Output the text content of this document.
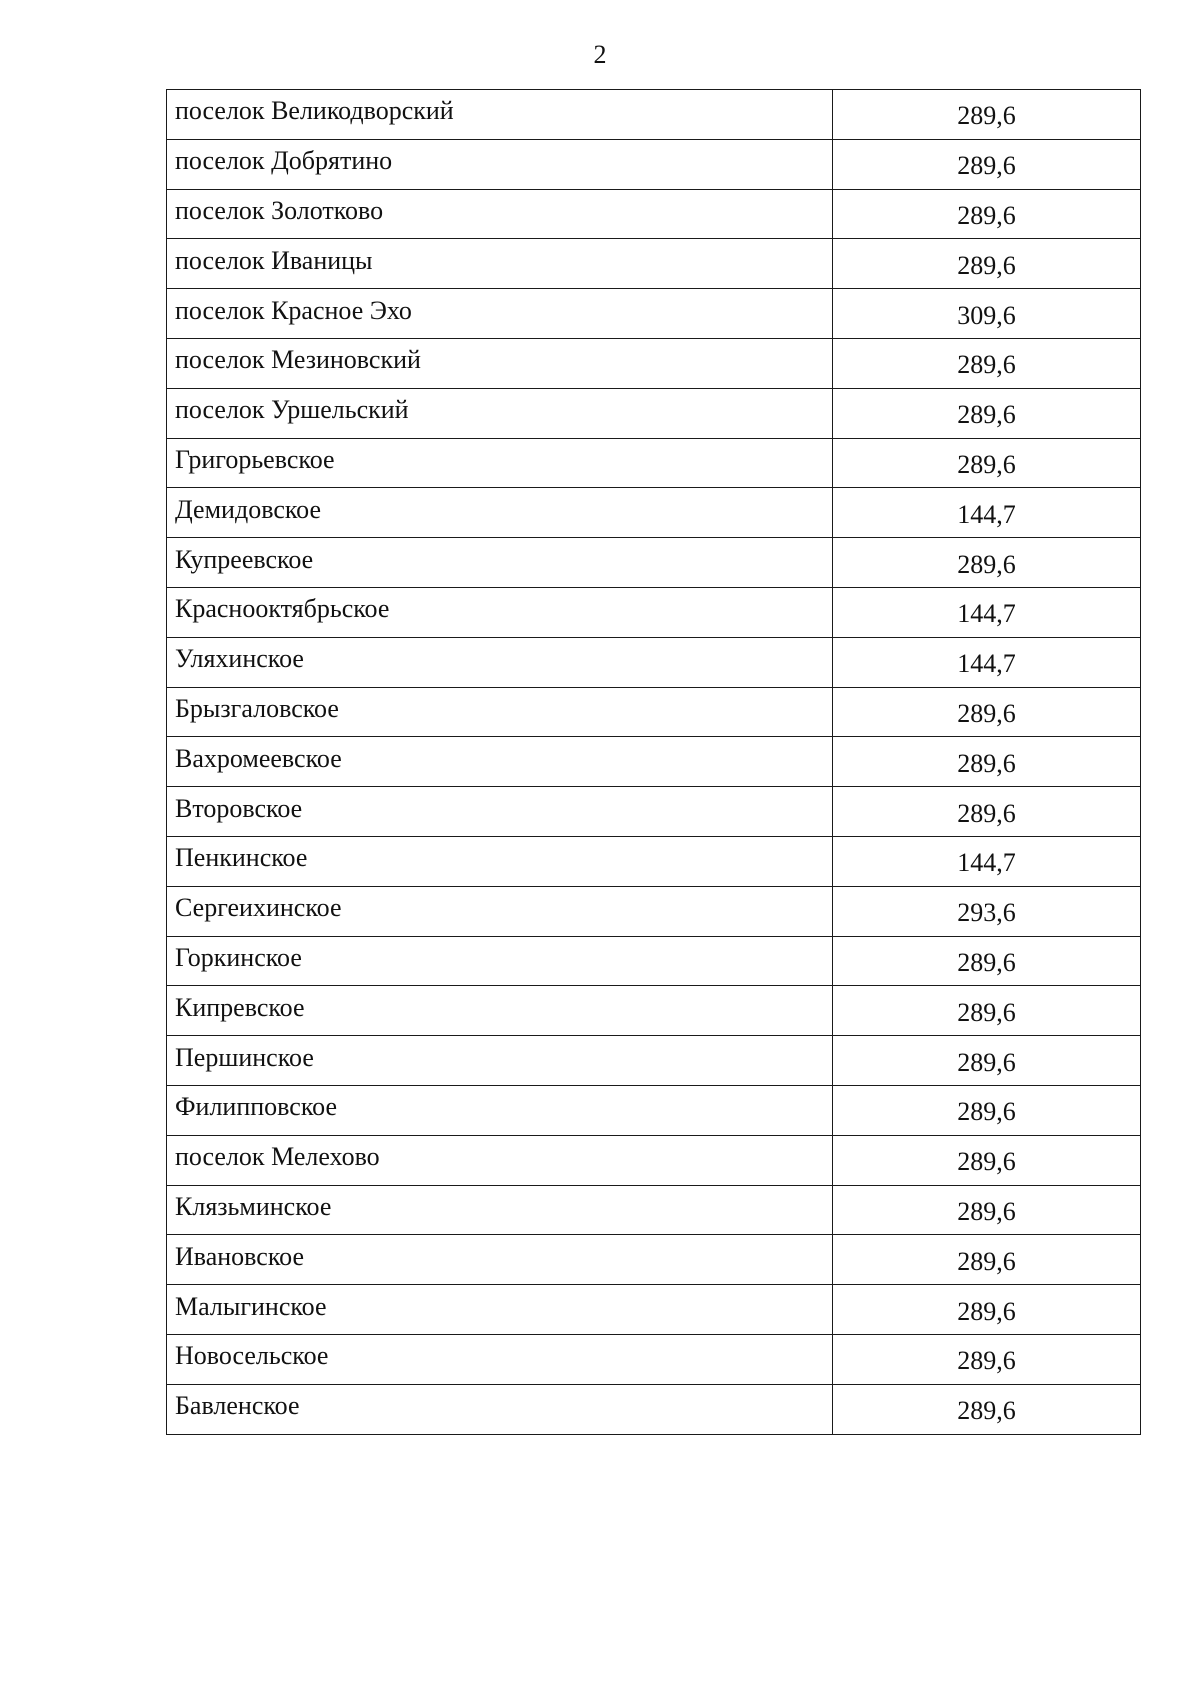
2
поселок Великодворский	289,6
поселок Добрятино	289,6
поселок Золотково	289,6
поселок Иваницы	289,6
поселок Красное Эхо	309,6
поселок Мезиновский	289,6
поселок Уршельский	289,6
Григорьевское	289,6
Демидовское	144,7
Купреевское	289,6
Краснооктябрьское	144,7
Уляхинское	144,7
Брызгаловское	289,6
Вахромеевское	289,6
Второвское	289,6
Пенкинское	144,7
Сергеихинское	293,6
Горкинское	289,6
Кипревское	289,6
Першинское	289,6
Филипповское	289,6
поселок Мелехово	289,6
Клязьминское	289,6
Ивановское	289,6
Малыгинское	289,6
Новосельское	289,6
Бавленское	289,6
